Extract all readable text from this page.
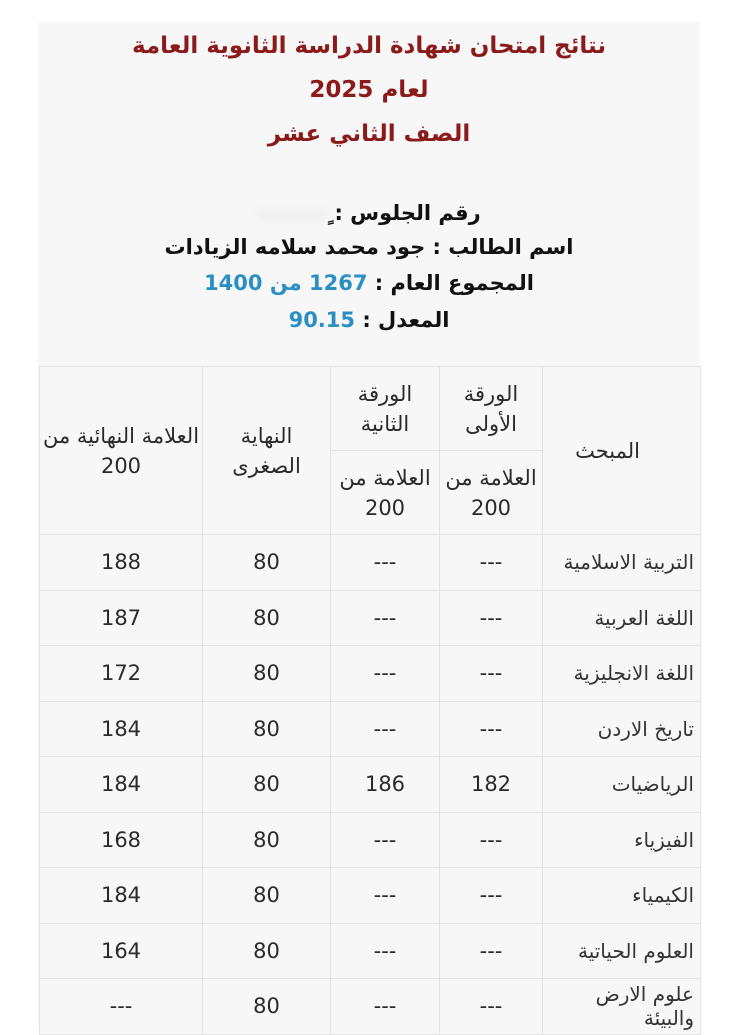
نتائج امتحان شهادة الدراسة الثانوية العامة

لعام 2025

الصف الثاني عشر

رقم الجلوس :
اسم الطالب : جود محمد سلامه الزيادات
المجموع العام : 1267 من 1400
المعدل : 90.15
المبحث	الورقة الأولى	الورقة الثانية	النهاية الصغرى	العلامة النهائية من 200
	العلامة من 200	العلامة من 200		
التربية الاسلامية	---	---	80	188
اللغة العربية	---	---	80	187
اللغة الانجليزية	---	---	80	172
تاريخ الاردن	---	---	80	184
الرياضيات	182	186	80	184
الفيزياء	---	---	80	168
الكيمياء	---	---	80	184
العلوم الحياتية	---	---	80	164
علوم الارض والبيئة	---	---	80	---
